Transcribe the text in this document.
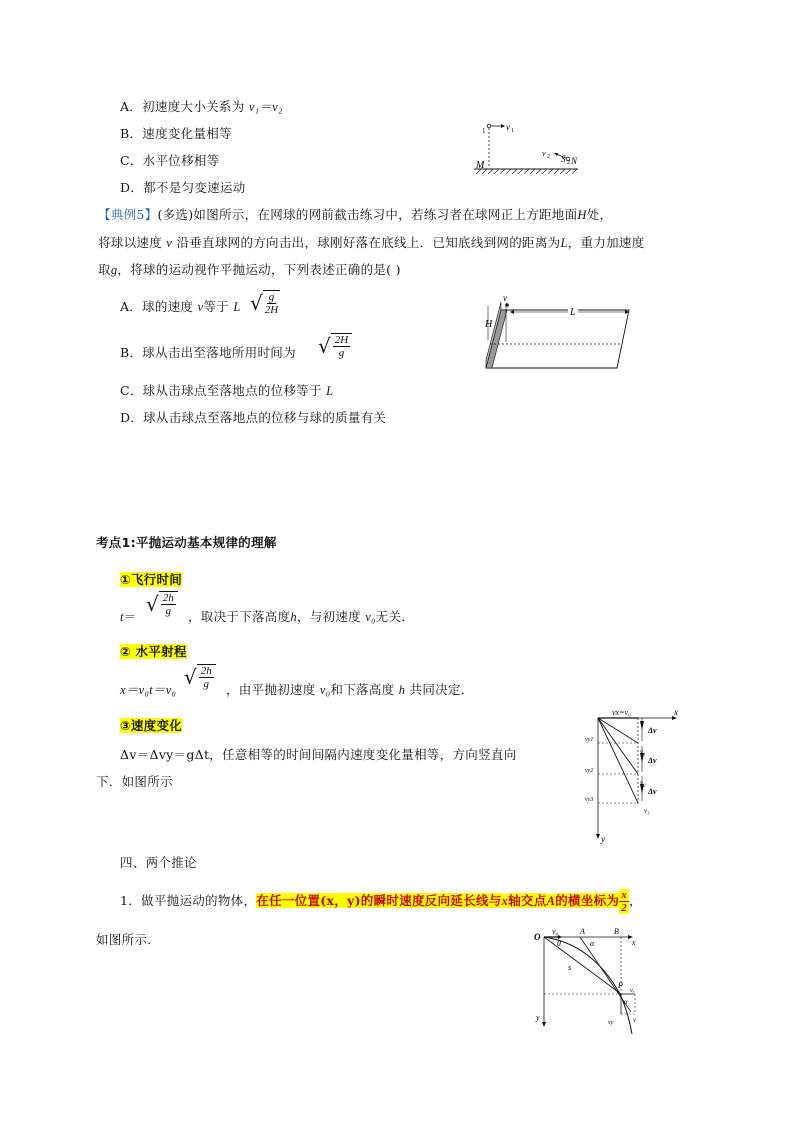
A．初速度大小关系为 v₁＝v₂
B．速度变化量相等
C．水平位移相等
D．都不是匀变速运动
1 v 1
M
v 2 S 2 N
【典例5】(多选)如图所示，在网球的网前截击练习中，若练习者在球网正上方距地面H处，
将球以速度 v 沿垂直球网的方向击出，球刚好落在底线上．已知底线到网的距离为L，重力加速度
取g，将球的运动视作平抛运动，下列表述正确的是( )
A．球的速度 v等于 L √ $\frac{g}{2H}$
B．球从击出至落地所用时间为 √ $\frac{2H}{g}$
C．球从击球点至落地点的位移等于 L
D．球从击球点至落地点的位移与球的质量有关
v
H
L
考点1:平抛运动基本规律的理解
①飞行时间
t＝
√ $\frac{2h}{g}$ ，取决于下落高度h，与初速度 v₀无关．
② 水平射程
x＝v₀t＝v₀
√ $\frac{2h}{g}$ ，由平抛初速度 v₀和下落高度 h 共同决定．
③速度变化
Δv＝Δvy＝gΔt，任意相等的时间间隔内速度变化量相等，方向竖直向
下．如图所示
x
vx=v₀
y
vy1
vy2
vy3
Δv
Δv
Δv
v₁
v₂
v₃
四、两个推论
1．做平抛运动的物体，在任一位置(x，y)的瞬时速度反向延长线与x轴交点A的横坐标为 $\frac{x}{2}$ ，
如图所示．	O
x
y
v₀	A	B
θ	α
s
P
vₓ
α
vy	v
